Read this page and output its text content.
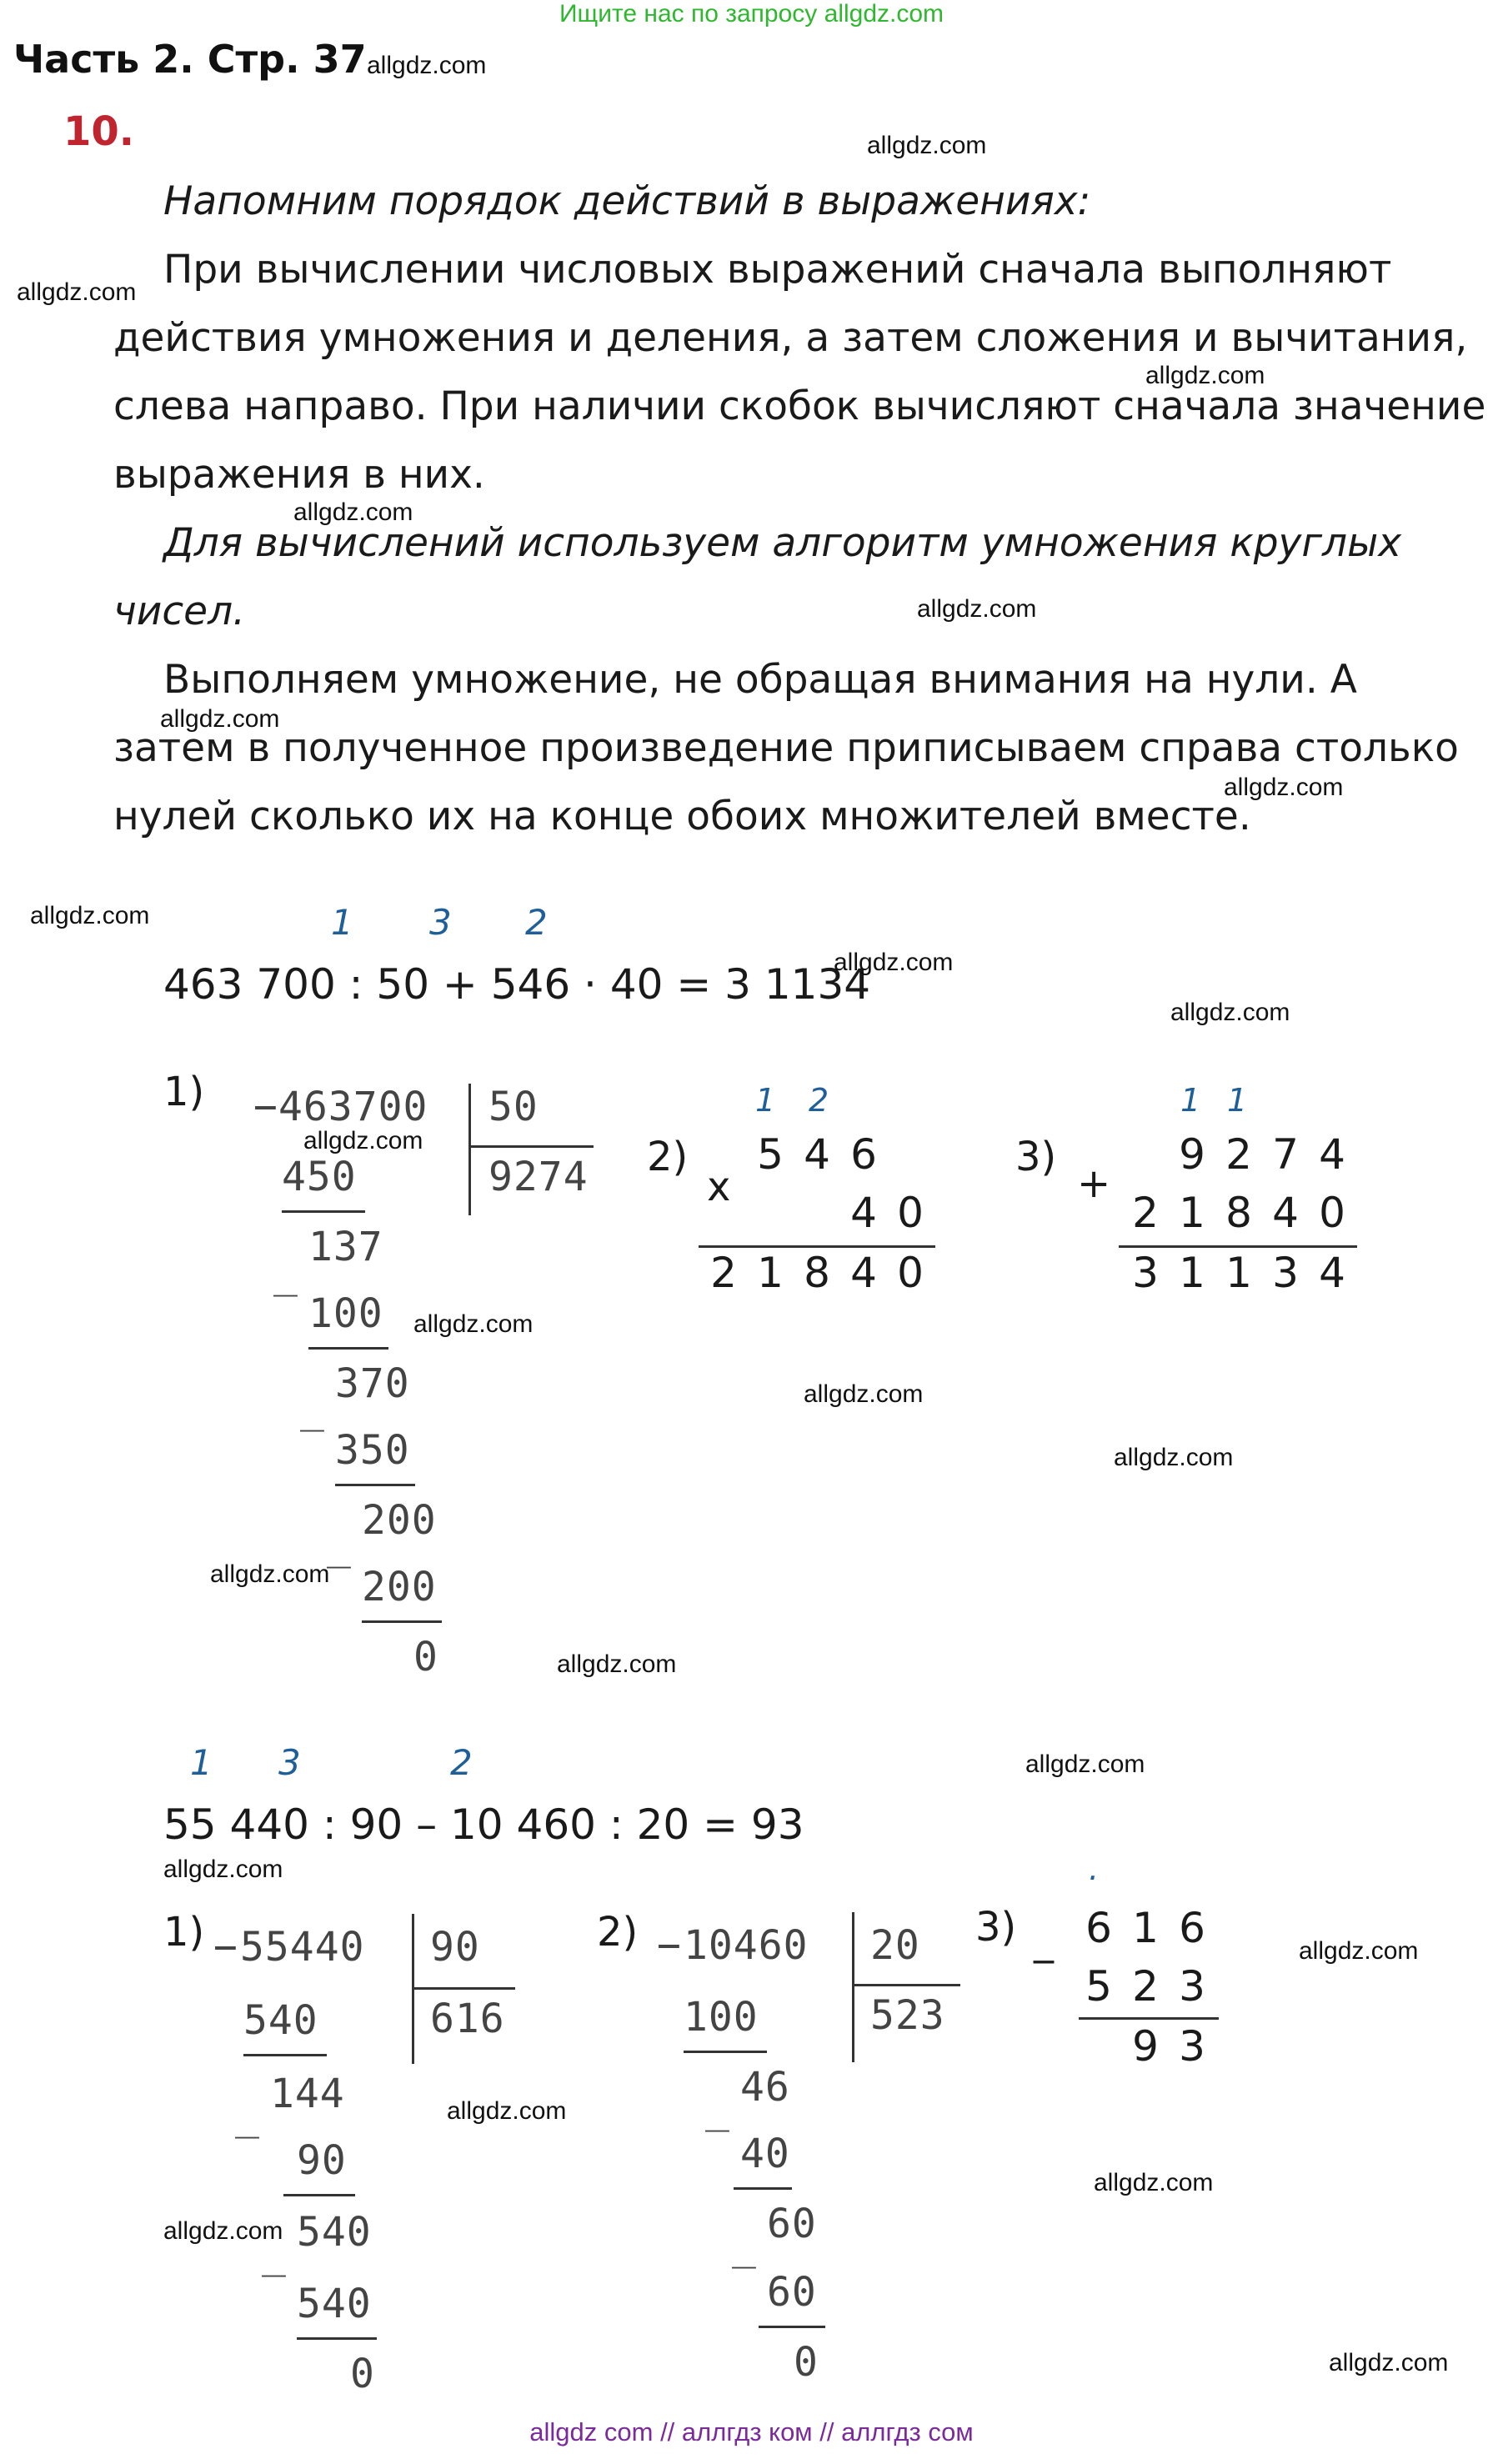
Ищите нас по запросу allgdz.com
Часть 2. Стр. 37
10.
Напомним порядок действий в выражениях:
При вычислении числовых выражений сначала выполняют
действия умножения и деления, а затем сложения и вычитания,
слева направо. При наличии скобок вычисляют сначала значение
выражения в них.
Для вычислений используем алгоритм умножения круглых
чисел.
Выполняем умножение, не обращая внимания на нули. А
затем в полученное произведение приписываем справа столько
нулей сколько их на конце обоих множителей вместе.
1 3 2
463 700 : 50 + 546 · 40 = 3 1134
1) − 463700 50
9274
450
_
137
100
_
370
350
_
200
200
0
2)
1 2
x
5 4 6
4 0
2 1 8 4 0
3)
1 1
+
9 2 7 4
2 1 8 4 0
3 1 1 3 4
1 3	2
55 440 : 90 – 10 460 : 20 = 93
1) − 55440 90
616
540
_ 144
90
_ 540
540
0
2) − 10460 20
523
100
_ 46
40
_ 60
60
0
3)
.
_ 6 1 6
5 2 3
9 3
allgdz.com
allgdz.com
allgdz.com
allgdz.com
allgdz.com
allgdz.com
allgdz.com
allgdz.com
allgdz.com
allgdz.com
allgdz.com
allgdz.com
allgdz.com
allgdz.com
allgdz.com
allgdz.com
allgdz.com
allgdz.com
allgdz.com
allgdz.com
allgdz.com
allgdz.com
allgdz.com
allgdz.com
allgdz com // аллгдз ком // аллгдз сом
